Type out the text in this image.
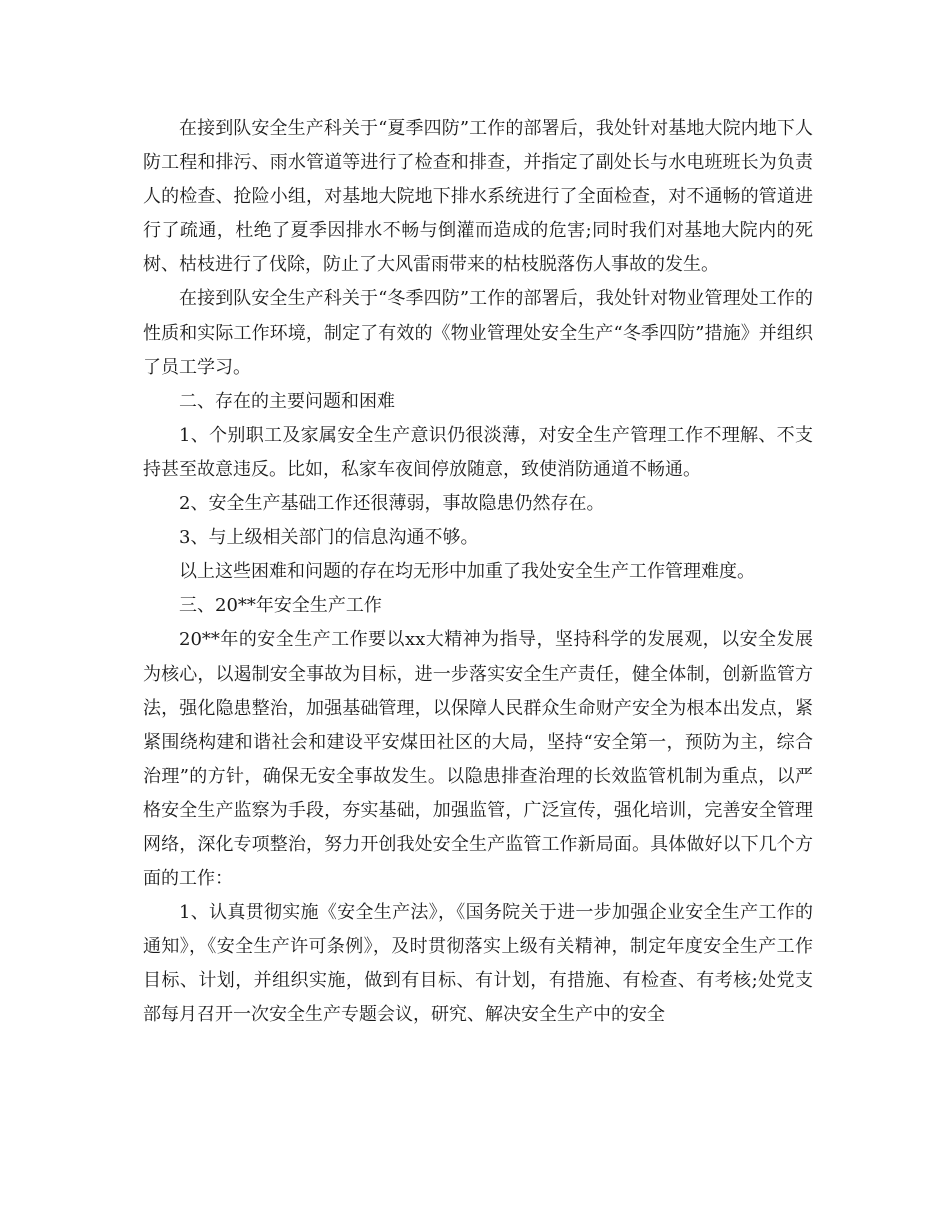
在接到队安全生产科关于“夏季四防”工作的部署后，我处针对基地大院内地下人防工程和排污、雨水管道等进行了检查和排查，并指定了副处长与水电班班长为负责人的检查、抢险小组，对基地大院地下排水系统进行了全面检查，对不通畅的管道进行了疏通，杜绝了夏季因排水不畅与倒灌而造成的危害;同时我们对基地大院内的死树、枯枝进行了伐除，防止了大风雷雨带来的枯枝脱落伤人事故的发生。

在接到队安全生产科关于“冬季四防”工作的部署后，我处针对物业管理处工作的性质和实际工作环境，制定了有效的《物业管理处安全生产“冬季四防”措施》并组织了员工学习。

二、存在的主要问题和困难

1、个别职工及家属安全生产意识仍很淡薄，对安全生产管理工作不理解、不支持甚至故意违反。比如，私家车夜间停放随意，致使消防通道不畅通。

2、安全生产基础工作还很薄弱，事故隐患仍然存在。

3、与上级相关部门的信息沟通不够。

以上这些困难和问题的存在均无形中加重了我处安全生产工作管理难度。

三、20**年安全生产工作

20**年的安全生产工作要以xx大精神为指导，坚持科学的发展观，以安全发展为核心，以遏制安全事故为目标，进一步落实安全生产责任，健全体制，创新监管方法，强化隐患整治，加强基础管理，以保障人民群众生命财产安全为根本出发点，紧紧围绕构建和谐社会和建设平安煤田社区的大局，坚持“安全第一，预防为主，综合治理”的方针，确保无安全事故发生。以隐患排查治理的长效监管机制为重点，以严格安全生产监察为手段，夯实基础，加强监管，广泛宣传，强化培训，完善安全管理网络，深化专项整治，努力开创我处安全生产监管工作新局面。具体做好以下几个方面的工作：

1、认真贯彻实施《安全生产法》，《国务院关于进一步加强企业安全生产工作的通知》，《安全生产许可条例》，及时贯彻落实上级有关精神，制定年度安全生产工作目标、计划，并组织实施，做到有目标、有计划，有措施、有检查、有考核;处党支部每月召开一次安全生产专题会议，研究、解决安全生产中的安全
